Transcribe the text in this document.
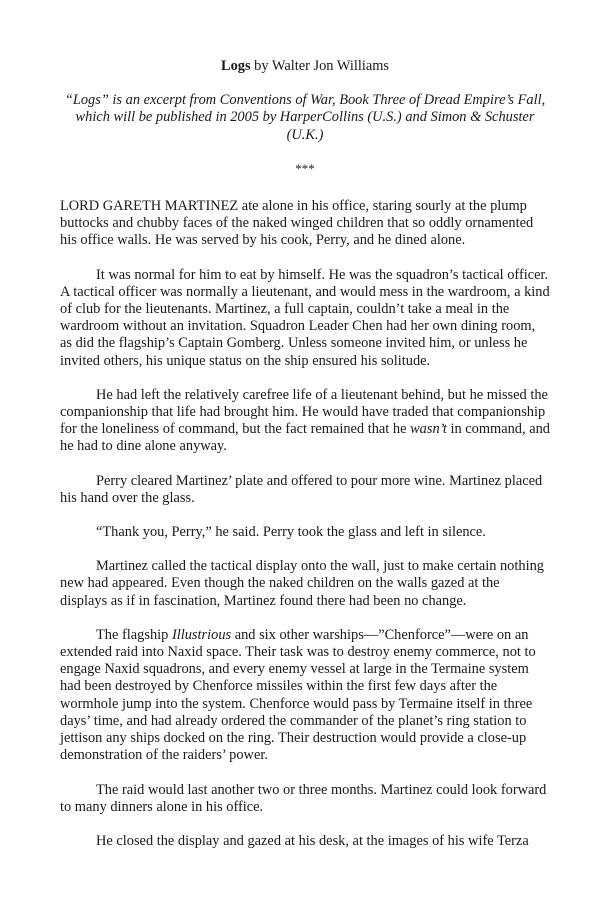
Logs by Walter Jon Williams

“Logs” is an excerpt from Conventions of War, Book Three of Dread Empire’s Fall, which will be published in 2005 by HarperCollins (U.S.) and Simon & Schuster (U.K.)

***

LORD GARETH MARTINEZ ate alone in his office, staring sourly at the plump buttocks and chubby faces of the naked winged children that so oddly ornamented his office walls. He was served by his cook, Perry, and he dined alone.

It was normal for him to eat by himself. He was the squadron’s tactical officer. A tactical officer was normally a lieutenant, and would mess in the wardroom, a kind of club for the lieutenants. Martinez, a full captain, couldn’t take a meal in the wardroom without an invitation. Squadron Leader Chen had her own dining room, as did the flagship’s Captain Gomberg. Unless someone invited him, or unless he invited others, his unique status on the ship ensured his solitude.

He had left the relatively carefree life of a lieutenant behind, but he missed the companionship that life had brought him. He would have traded that companionship for the loneliness of command, but the fact remained that he wasn’t in command, and he had to dine alone anyway.

Perry cleared Martinez’ plate and offered to pour more wine. Martinez placed his hand over the glass.

“Thank you, Perry,” he said. Perry took the glass and left in silence.

Martinez called the tactical display onto the wall, just to make certain nothing new had appeared. Even though the naked children on the walls gazed at the displays as if in fascination, Martinez found there had been no change.

The flagship Illustrious and six other warships—”Chenforce”—were on an extended raid into Naxid space. Their task was to destroy enemy commerce, not to engage Naxid squadrons, and every enemy vessel at large in the Termaine system had been destroyed by Chenforce missiles within the first few days after the wormhole jump into the system. Chenforce would pass by Termaine itself in three days’ time, and had already ordered the commander of the planet’s ring station to jettison any ships docked on the ring. Their destruction would provide a close-up demonstration of the raiders’ power.

The raid would last another two or three months. Martinez could look forward to many dinners alone in his office.

He closed the display and gazed at his desk, at the images of his wife Terza
